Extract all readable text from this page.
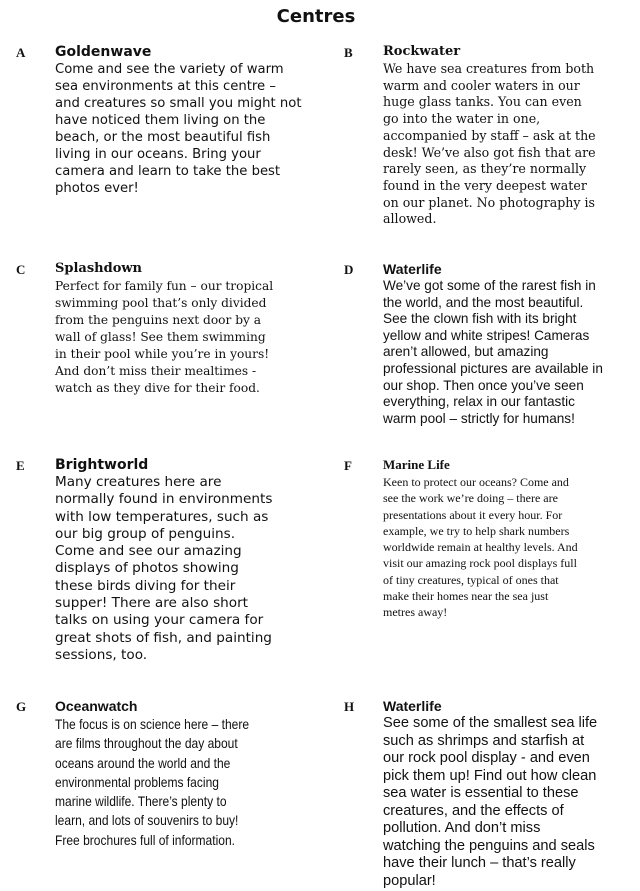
Centres
A Goldenwave
Come and see the variety of warm
sea environments at this centre –
and creatures so small you might not
have noticed them living on the
beach, or the most beautiful fish
living in our oceans. Bring your
camera and learn to take the best
photos ever!
B Rockwater
We have sea creatures from both
warm and cooler waters in our
huge glass tanks. You can even
go into the water in one,
accompanied by staff – ask at the
desk! We’ve also got fish that are
rarely seen, as they’re normally
found in the very deepest water
on our planet. No photography is
allowed.
C Splashdown
Perfect for family fun – our tropical
swimming pool that’s only divided
from the penguins next door by a
wall of glass! See them swimming
in their pool while you’re in yours!
And don’t miss their mealtimes -
watch as they dive for their food.
D Waterlife
We’ve got some of the rarest fish in
the world, and the most beautiful.
See the clown fish with its bright
yellow and white stripes! Cameras
aren’t allowed, but amazing
professional pictures are available in
our shop. Then once you’ve seen
everything, relax in our fantastic
warm pool – strictly for humans!
E Brightworld
Many creatures here are
normally found in environments
with low temperatures, such as
our big group of penguins.
Come and see our amazing
displays of photos showing
these birds diving for their
supper! There are also short
talks on using your camera for
great shots of fish, and painting
sessions, too.
F Marine Life
Keen to protect our oceans? Come and
see the work we’re doing – there are
presentations about it every hour. For
example, we try to help shark numbers
worldwide remain at healthy levels. And
visit our amazing rock pool displays full
of tiny creatures, typical of ones that
make their homes near the sea just
metres away!
G Oceanwatch
The focus is on science here – there
are films throughout the day about
oceans around the world and the
environmental problems facing
marine wildlife. There’s plenty to
learn, and lots of souvenirs to buy!
Free brochures full of information.
H Waterlife
See some of the smallest sea life
such as shrimps and starfish at
our rock pool display - and even
pick them up! Find out how clean
sea water is essential to these
creatures, and the effects of
pollution. And don’t miss
watching the penguins and seals
have their lunch – that’s really
popular!
